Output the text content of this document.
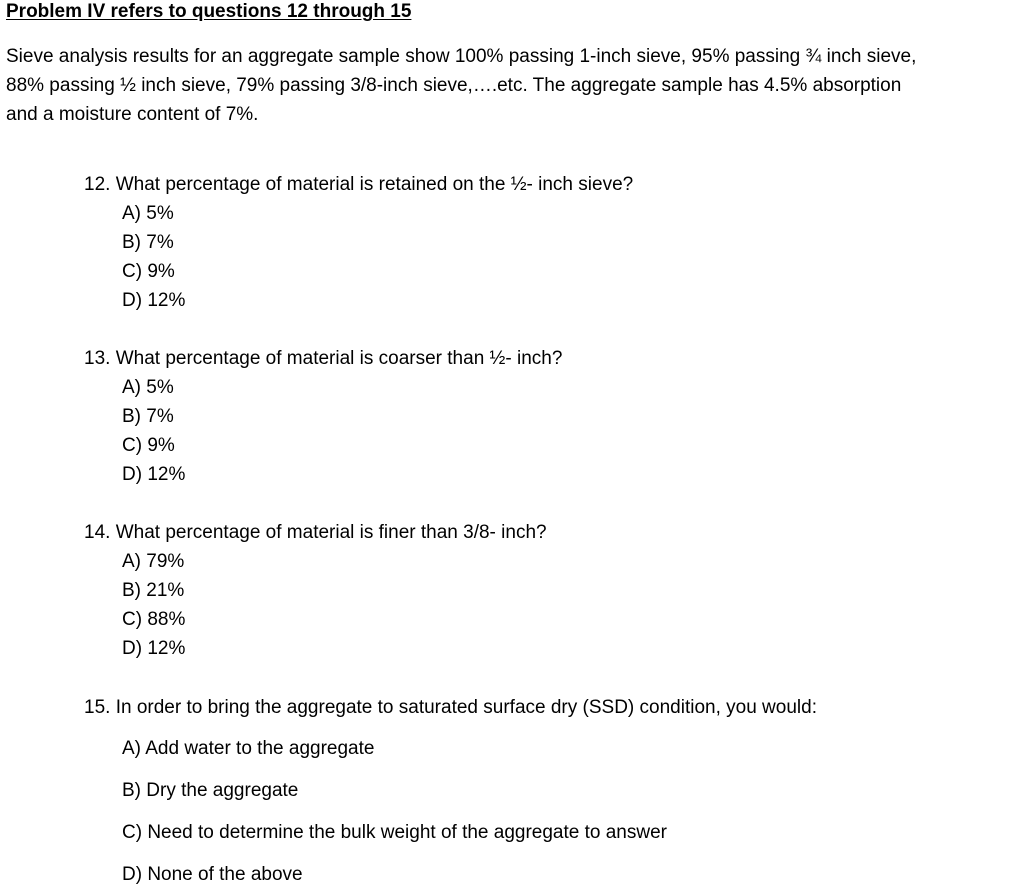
Problem IV refers to questions 12 through 15
Sieve analysis results for an aggregate sample show 100% passing 1-inch sieve, 95% passing ¾ inch sieve,
88% passing ½ inch sieve, 79% passing 3/8-inch sieve,….etc. The aggregate sample has 4.5% absorption
and a moisture content of 7%.
12. What percentage of material is retained on the ½- inch sieve?
A) 5%
B) 7%
C) 9%
D) 12%
13. What percentage of material is coarser than ½- inch?
A) 5%
B) 7%
C) 9%
D) 12%
14. What percentage of material is finer than 3/8- inch?
A) 79%
B) 21%
C) 88%
D) 12%
15. In order to bring the aggregate to saturated surface dry (SSD) condition, you would:
A) Add water to the aggregate
B) Dry the aggregate
C) Need to determine the bulk weight of the aggregate to answer
D) None of the above
